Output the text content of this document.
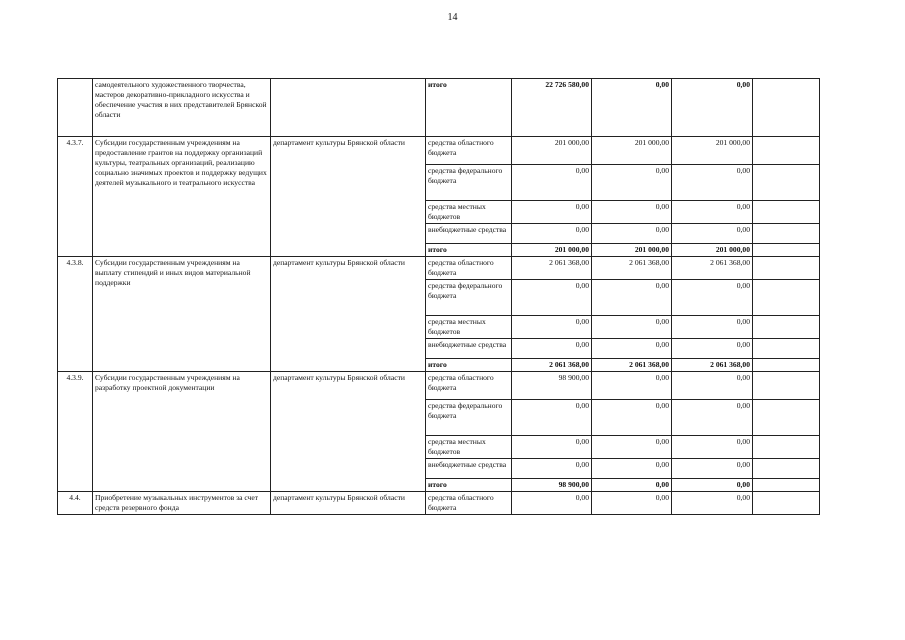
14
	самодеятельного художественного творчества, мастеров декоративно-прикладного искусства и обеспечение участия в них представителей Брянской области		итого	22 726 580,00	0,00	0,00	
4.3.7.	Субсидии государственным учреждениям на предоставление грантов на поддержку организаций культуры, театральных организаций, реализацию социально значимых проектов и поддержку ведущих деятелей музыкального и театрального искусства	департамент культуры Брянской области	средства областного бюджета	201 000,00	201 000,00	201 000,00	
			средства федерального бюджета	0,00	0,00	0,00	
			средства местных бюджетов	0,00	0,00	0,00	
			внебюджетные средства	0,00	0,00	0,00	
			итого	201 000,00	201 000,00	201 000,00	
4.3.8.	Субсидии государственным учреждениям на выплату стипендий и иных видов материальной поддержки	департамент культуры Брянской области	средства областного бюджета	2 061 368,00	2 061 368,00	2 061 368,00	
			средства федерального бюджета	0,00	0,00	0,00	
			средства местных бюджетов	0,00	0,00	0,00	
			внебюджетные средства	0,00	0,00	0,00	
			итого	2 061 368,00	2 061 368,00	2 061 368,00	
4.3.9.	Субсидии государственным учреждениям на разработку проектной документации	департамент культуры Брянской области	средства областного бюджета	98 900,00	0,00	0,00	
			средства федерального бюджета	0,00	0,00	0,00	
			средства местных бюджетов	0,00	0,00	0,00	
			внебюджетные средства	0,00	0,00	0,00	
			итого	98 900,00	0,00	0,00	
4.4.	Приобретение музыкальных инструментов за счет средств резервного фонда	департамент культуры Брянской области	средства областного бюджета	0,00	0,00	0,00	
